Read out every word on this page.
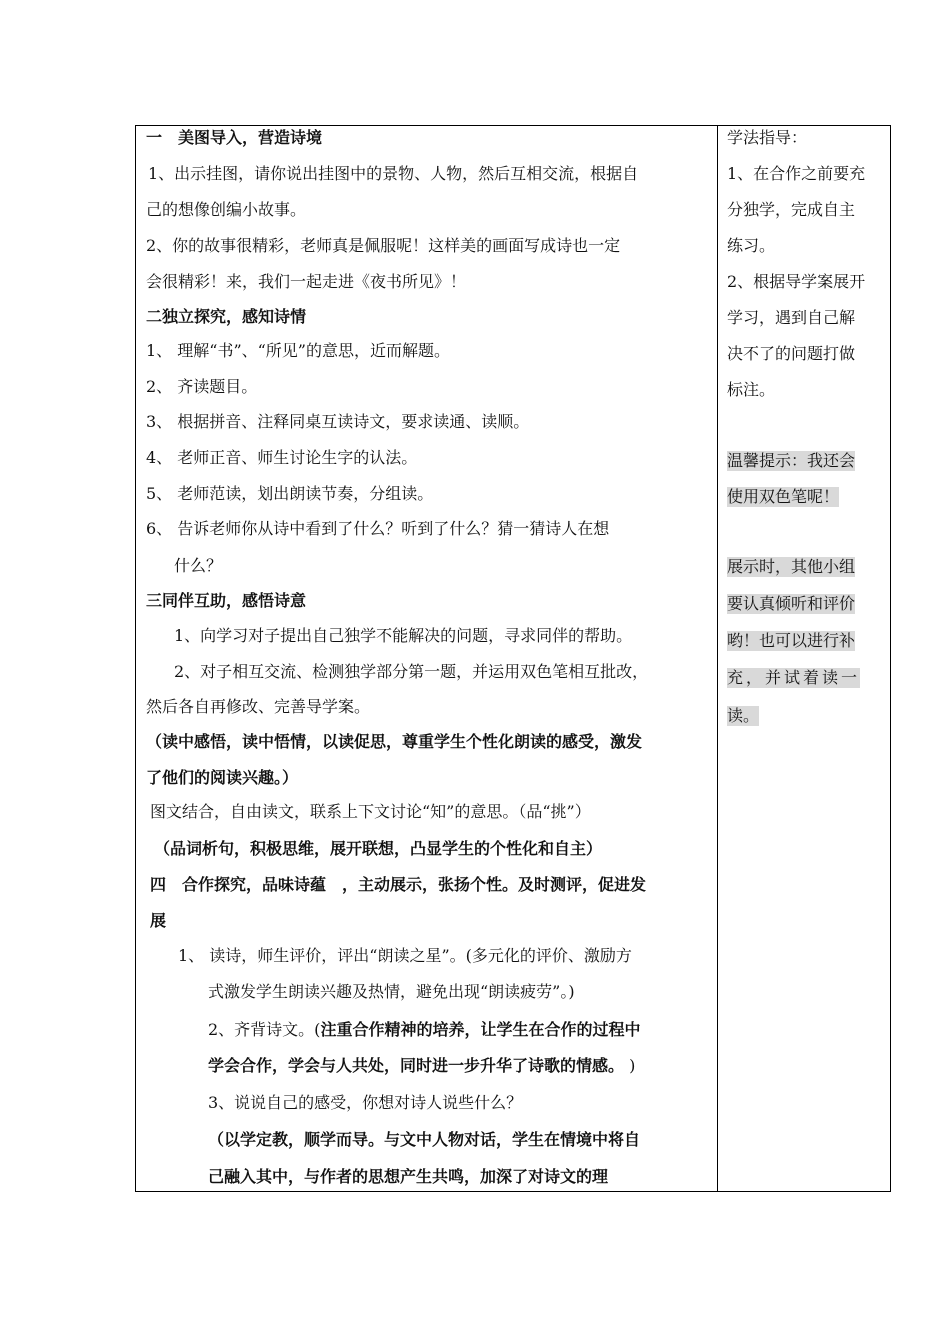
一　美图导入，营造诗境
1、出示挂图，请你说出挂图中的景物、人物，然后互相交流，根据自
己的想像创编小故事。
2、你的故事很精彩，老师真是佩服呢！这样美的画面写成诗也一定
会很精彩！来，我们一起走进《夜书所见》！
二独立探究，感知诗情
1、 理解“书”、“所见”的意思，近而解题。
2、 齐读题目。
3、 根据拼音、注释同桌互读诗文，要求读通、读顺。
4、 老师正音、师生讨论生字的认法。
5、 老师范读，划出朗读节奏，分组读。
6、 告诉老师你从诗中看到了什么？听到了什么？猜一猜诗人在想
什么？
三同伴互助，感悟诗意
1、向学习对子提出自己独学不能解决的问题，寻求同伴的帮助。
2、对子相互交流、检测独学部分第一题，并运用双色笔相互批改，
然后各自再修改、完善导学案。
（读中感悟，读中悟情，以读促思，尊重学生个性化朗读的感受，激发
了他们的阅读兴趣。）
图文结合，自由读文，联系上下文讨论“知”的意思。（品“挑”）
（品词析句，积极思维，展开联想，凸显学生的个性化和自主）
四　合作探究，品味诗蕴　，主动展示，张扬个性。及时测评，促进发
展
1、 读诗，师生评价，评出“朗读之星”。(多元化的评价、激励方
式激发学生朗读兴趣及热情，避免出现“朗读疲劳”。)
2、齐背诗文。(注重合作精神的培养，让学生在合作的过程中
学会合作，学会与人共处，同时进一步升华了诗歌的情感。 )
3、说说自己的感受，你想对诗人说些什么？
（以学定教，顺学而导。与文中人物对话，学生在情境中将自
己融入其中，与作者的思想产生共鸣，加深了对诗文的理
学法指导：
1、在合作之前要充
分独学，完成自主
练习。
2、根据导学案展开
学习，遇到自己解
决不了的问题打做
标注。
温馨提示：我还会
使用双色笔呢！
展示时，其他小组
要认真倾听和评价
哟！也可以进行补
充，并试着读一
读。
